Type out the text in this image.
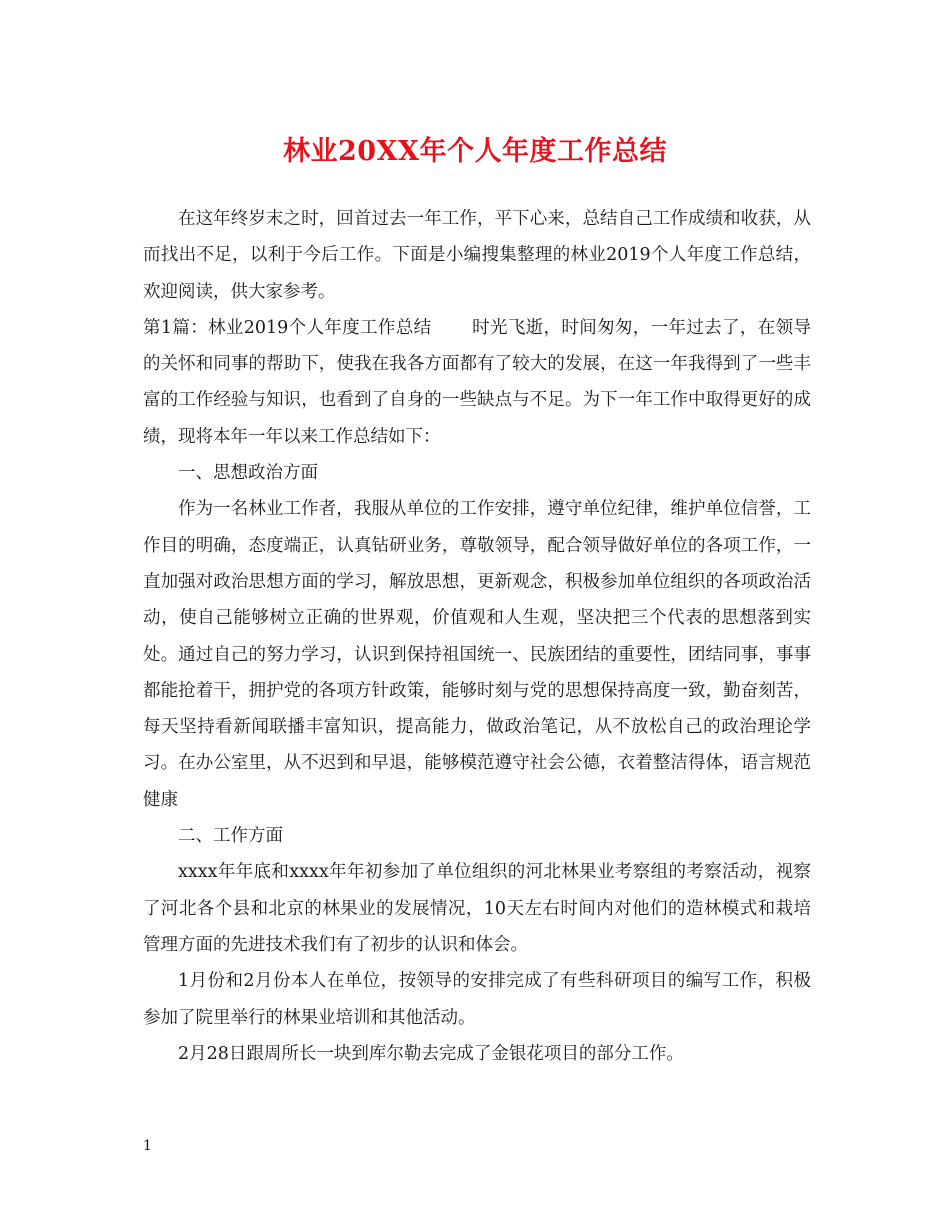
林业20XX年个人年度工作总结

在这年终岁末之时，回首过去一年工作，平下心来，总结自己工作成绩和收获，从而找出不足，以利于今后工作。下面是小编搜集整理的林业2019个人年度工作总结，欢迎阅读，供大家参考。

第1篇：林业2019个人年度工作总结 时光飞逝，时间匆匆，一年过去了，在领导的关怀和同事的帮助下，使我在我各方面都有了较大的发展，在这一年我得到了一些丰富的工作经验与知识，也看到了自身的一些缺点与不足。为下一年工作中取得更好的成绩，现将本年一年以来工作总结如下：

一、思想政治方面

作为一名林业工作者，我服从单位的工作安排，遵守单位纪律，维护单位信誉，工作目的明确，态度端正，认真钻研业务，尊敬领导，配合领导做好单位的各项工作，一直加强对政治思想方面的学习，解放思想，更新观念，积极参加单位组织的各项政治活动，使自己能够树立正确的世界观，价值观和人生观，坚决把三个代表的思想落到实处。通过自己的努力学习，认识到保持祖国统一、民族团结的重要性，团结同事，事事都能抢着干，拥护党的各项方针政策，能够时刻与党的思想保持高度一致，勤奋刻苦，每天坚持看新闻联播丰富知识，提高能力，做政治笔记，从不放松自己的政治理论学习。在办公室里，从不迟到和早退，能够模范遵守社会公德，衣着整洁得体，语言规范健康

二、工作方面

xxxx年年底和xxxx年年初参加了单位组织的河北林果业考察组的考察活动，视察了河北各个县和北京的林果业的发展情况，10天左右时间内对他们的造林模式和栽培管理方面的先进技术我们有了初步的认识和体会。

1月份和2月份本人在单位，按领导的安排完成了有些科研项目的编写工作，积极参加了院里举行的林果业培训和其他活动。

2月28日跟周所长一块到库尔勒去完成了金银花项目的部分工作。

1
